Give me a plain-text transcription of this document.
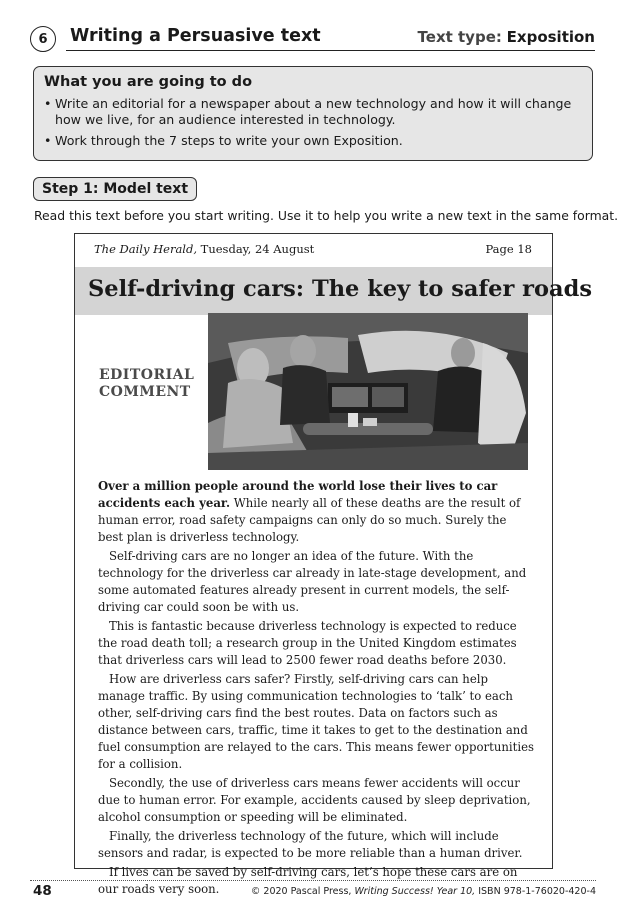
6	Writing a Persuasive text	Text type: Exposition
What you are going to do
• Write an editorial for a newspaper about a new technology and how it will change how we live, for an audience interested in technology.
• Work through the 7 steps to write your own Exposition.
Step 1: Model text
Read this text before you start writing. Use it to help you write a new text in the same format.
The Daily Herald, Tuesday, 24 August	Page 18
Self-driving cars: The key to safer roads
EDITORIAL
COMMENT

Over a million people around the world lose their lives to car accidents each year. While nearly all of these deaths are the result of human error, road safety campaigns can only do so much. Surely the best plan is driverless technology.

Self-driving cars are no longer an idea of the future. With the technology for the driverless car already in late-stage development, and some automated features already present in current models, the self-driving car could soon be with us.

This is fantastic because driverless technology is expected to reduce the road death toll; a research group in the United Kingdom estimates that driverless cars will lead to 2500 fewer road deaths before 2030.

How are driverless cars safer? Firstly, self-driving cars can help manage traffic. By using communication technologies to ‘talk’ to each other, self-driving cars find the best routes. Data on factors such as distance between cars, traffic, time it takes to get to the destination and fuel consumption are relayed to the cars. This means fewer opportunities for a collision.

Secondly, the use of driverless cars means fewer accidents will occur due to human error. For example, accidents caused by sleep deprivation, alcohol consumption or speeding will be eliminated.

Finally, the driverless technology of the future, which will include sensors and radar, is expected to be more reliable than a human driver.

If lives can be saved by self-driving cars, let’s hope these cars are on our roads very soon.

48	© 2020 Pascal Press, Writing Success! Year 10, ISBN 978-1-76020-420-4
